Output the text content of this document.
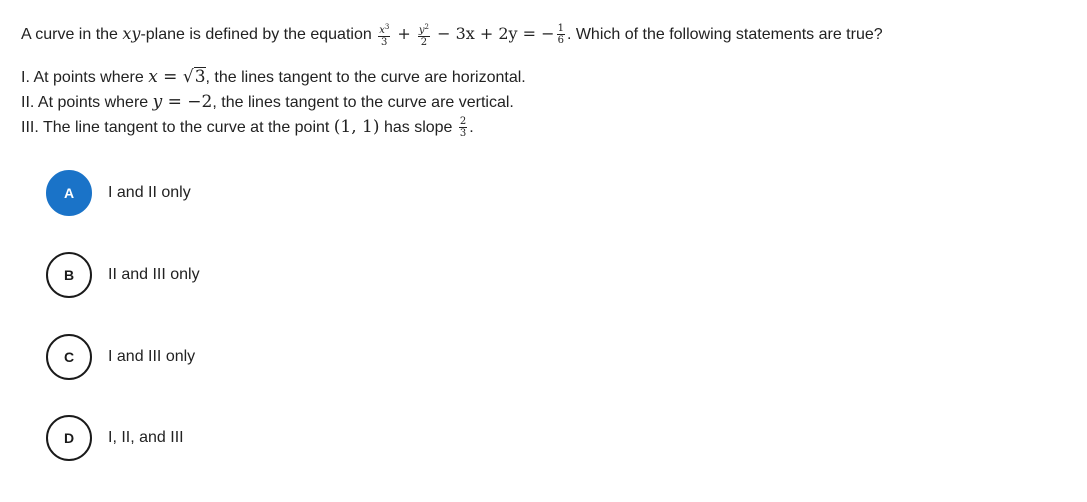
A curve in the xy-plane is defined by the equation $\frac{x^3}{3} + \frac{y^2}{2} - 3x + 2y$ = − $\frac{1}{6}$ . Which of the following statements are true?
I. At points where x = √3, the lines tangent to the curve are horizontal.
II. At points where y = −2, the lines tangent to the curve are vertical.
III. The line tangent to the curve at the point (1, 1) has slope $\frac{2}{3}$ .
A	I and II only
B	II and III only
C	I and III only
D	I, II, and III
